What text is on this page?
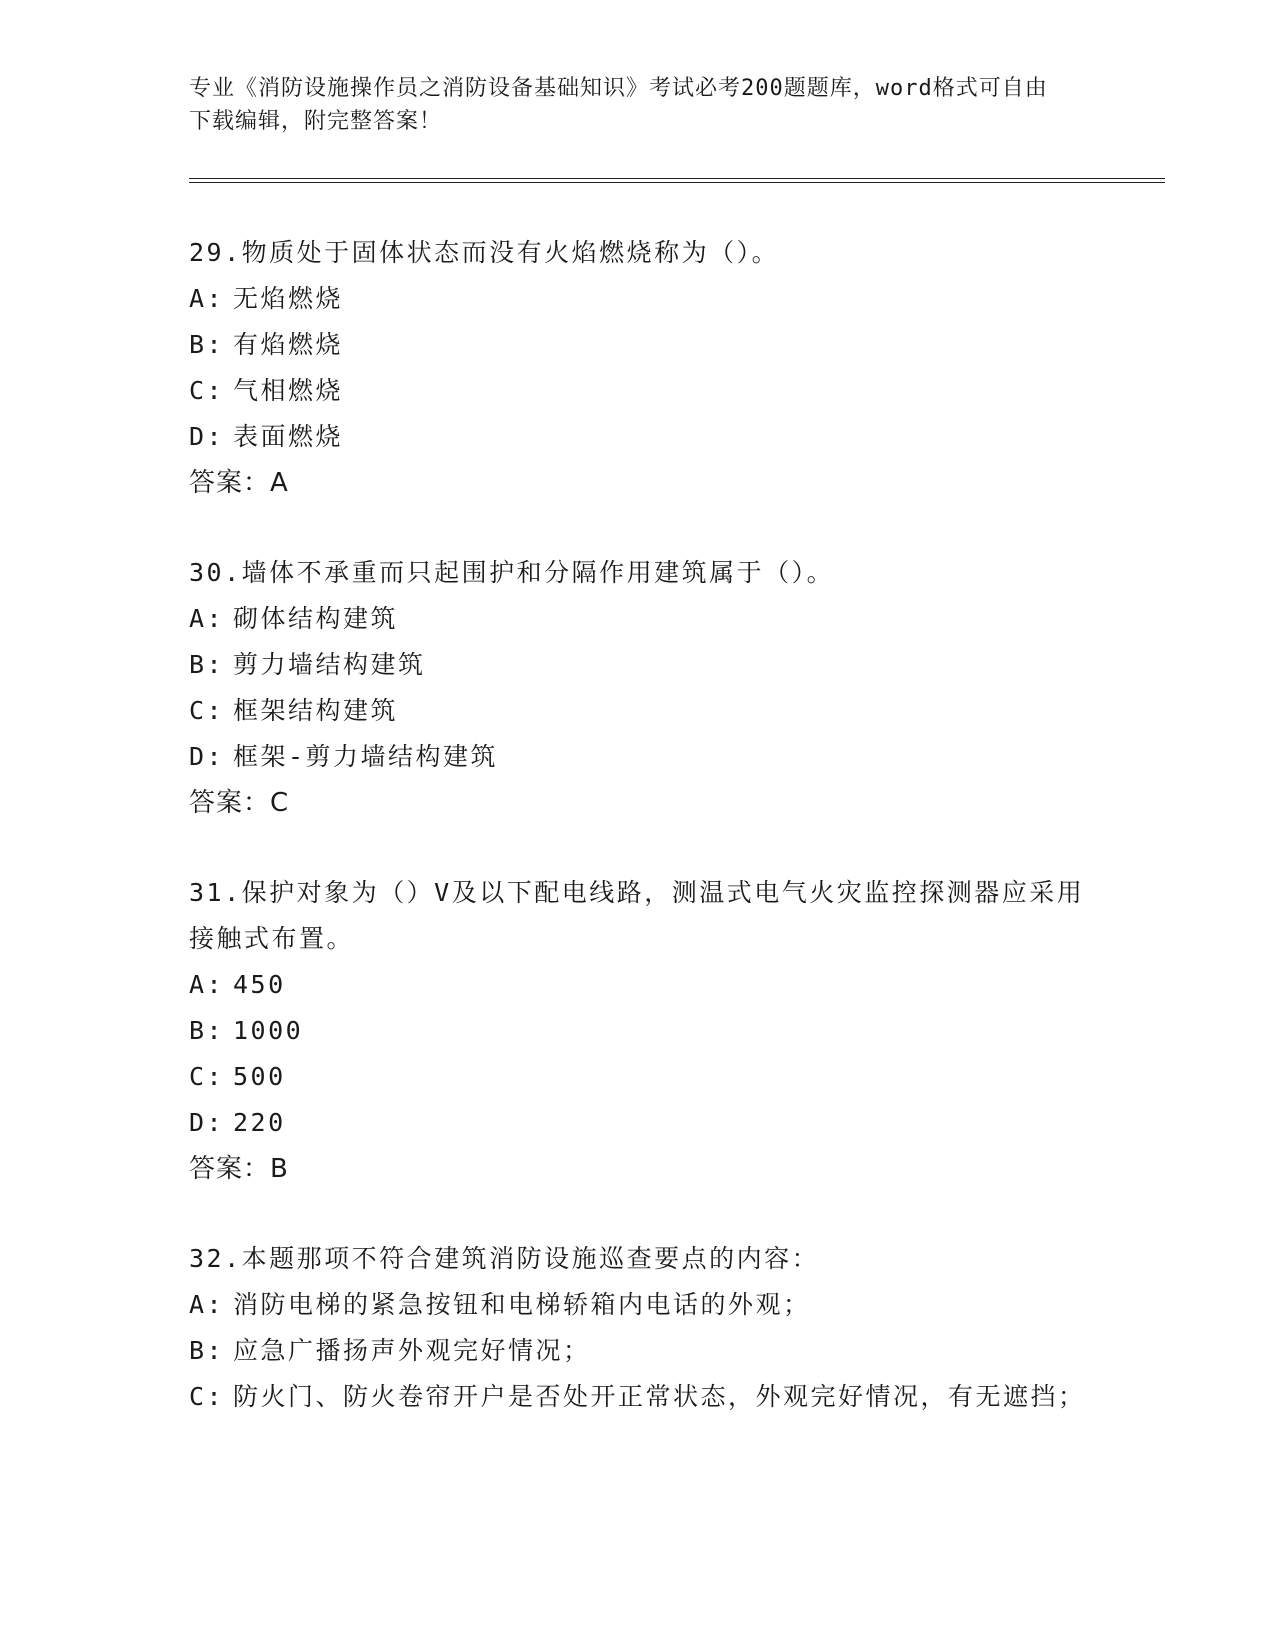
专业《消防设施操作员之消防设备基础知识》考试必考200题题库，word格式可自由下载编辑，附完整答案！
29.物质处于固体状态而没有火焰燃烧称为（）。
A: 无焰燃烧
B: 有焰燃烧
C: 气相燃烧
D: 表面燃烧
答案：A
30.墙体不承重而只起围护和分隔作用建筑属于（）。
A: 砌体结构建筑
B: 剪力墙结构建筑
C: 框架结构建筑
D: 框架-剪力墙结构建筑
答案：C
31.保护对象为（）V及以下配电线路，测温式电气火灾监控探测器应采用接触式布置。
A: 450
B: 1000
C: 500
D: 220
答案：B
32.本题那项不符合建筑消防设施巡查要点的内容：
A: 消防电梯的紧急按钮和电梯轿箱内电话的外观；
B: 应急广播扬声外观完好情况；
C: 防火门、防火卷帘开户是否处开正常状态，外观完好情况，有无遮挡；
